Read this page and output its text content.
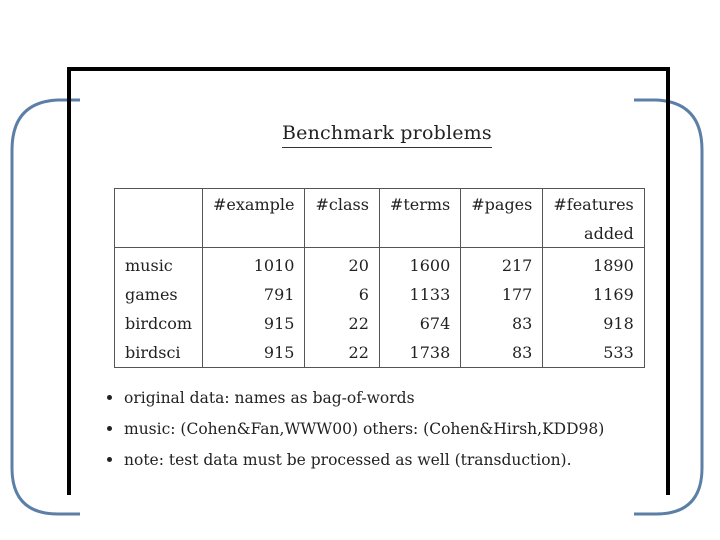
Benchmark problems
	#example	#class	#terms	#pages	#features
					added
music	1010	20	1600	217	1890
games	791	6	1133	177	1169
birdcom	915	22	674	83	918
birdsci	915	22	1738	83	533
original data: names as bag-of-words
music: (Cohen&Fan,WWW00) others: (Cohen&Hirsh,KDD98)
note: test data must be processed as well (transduction).
